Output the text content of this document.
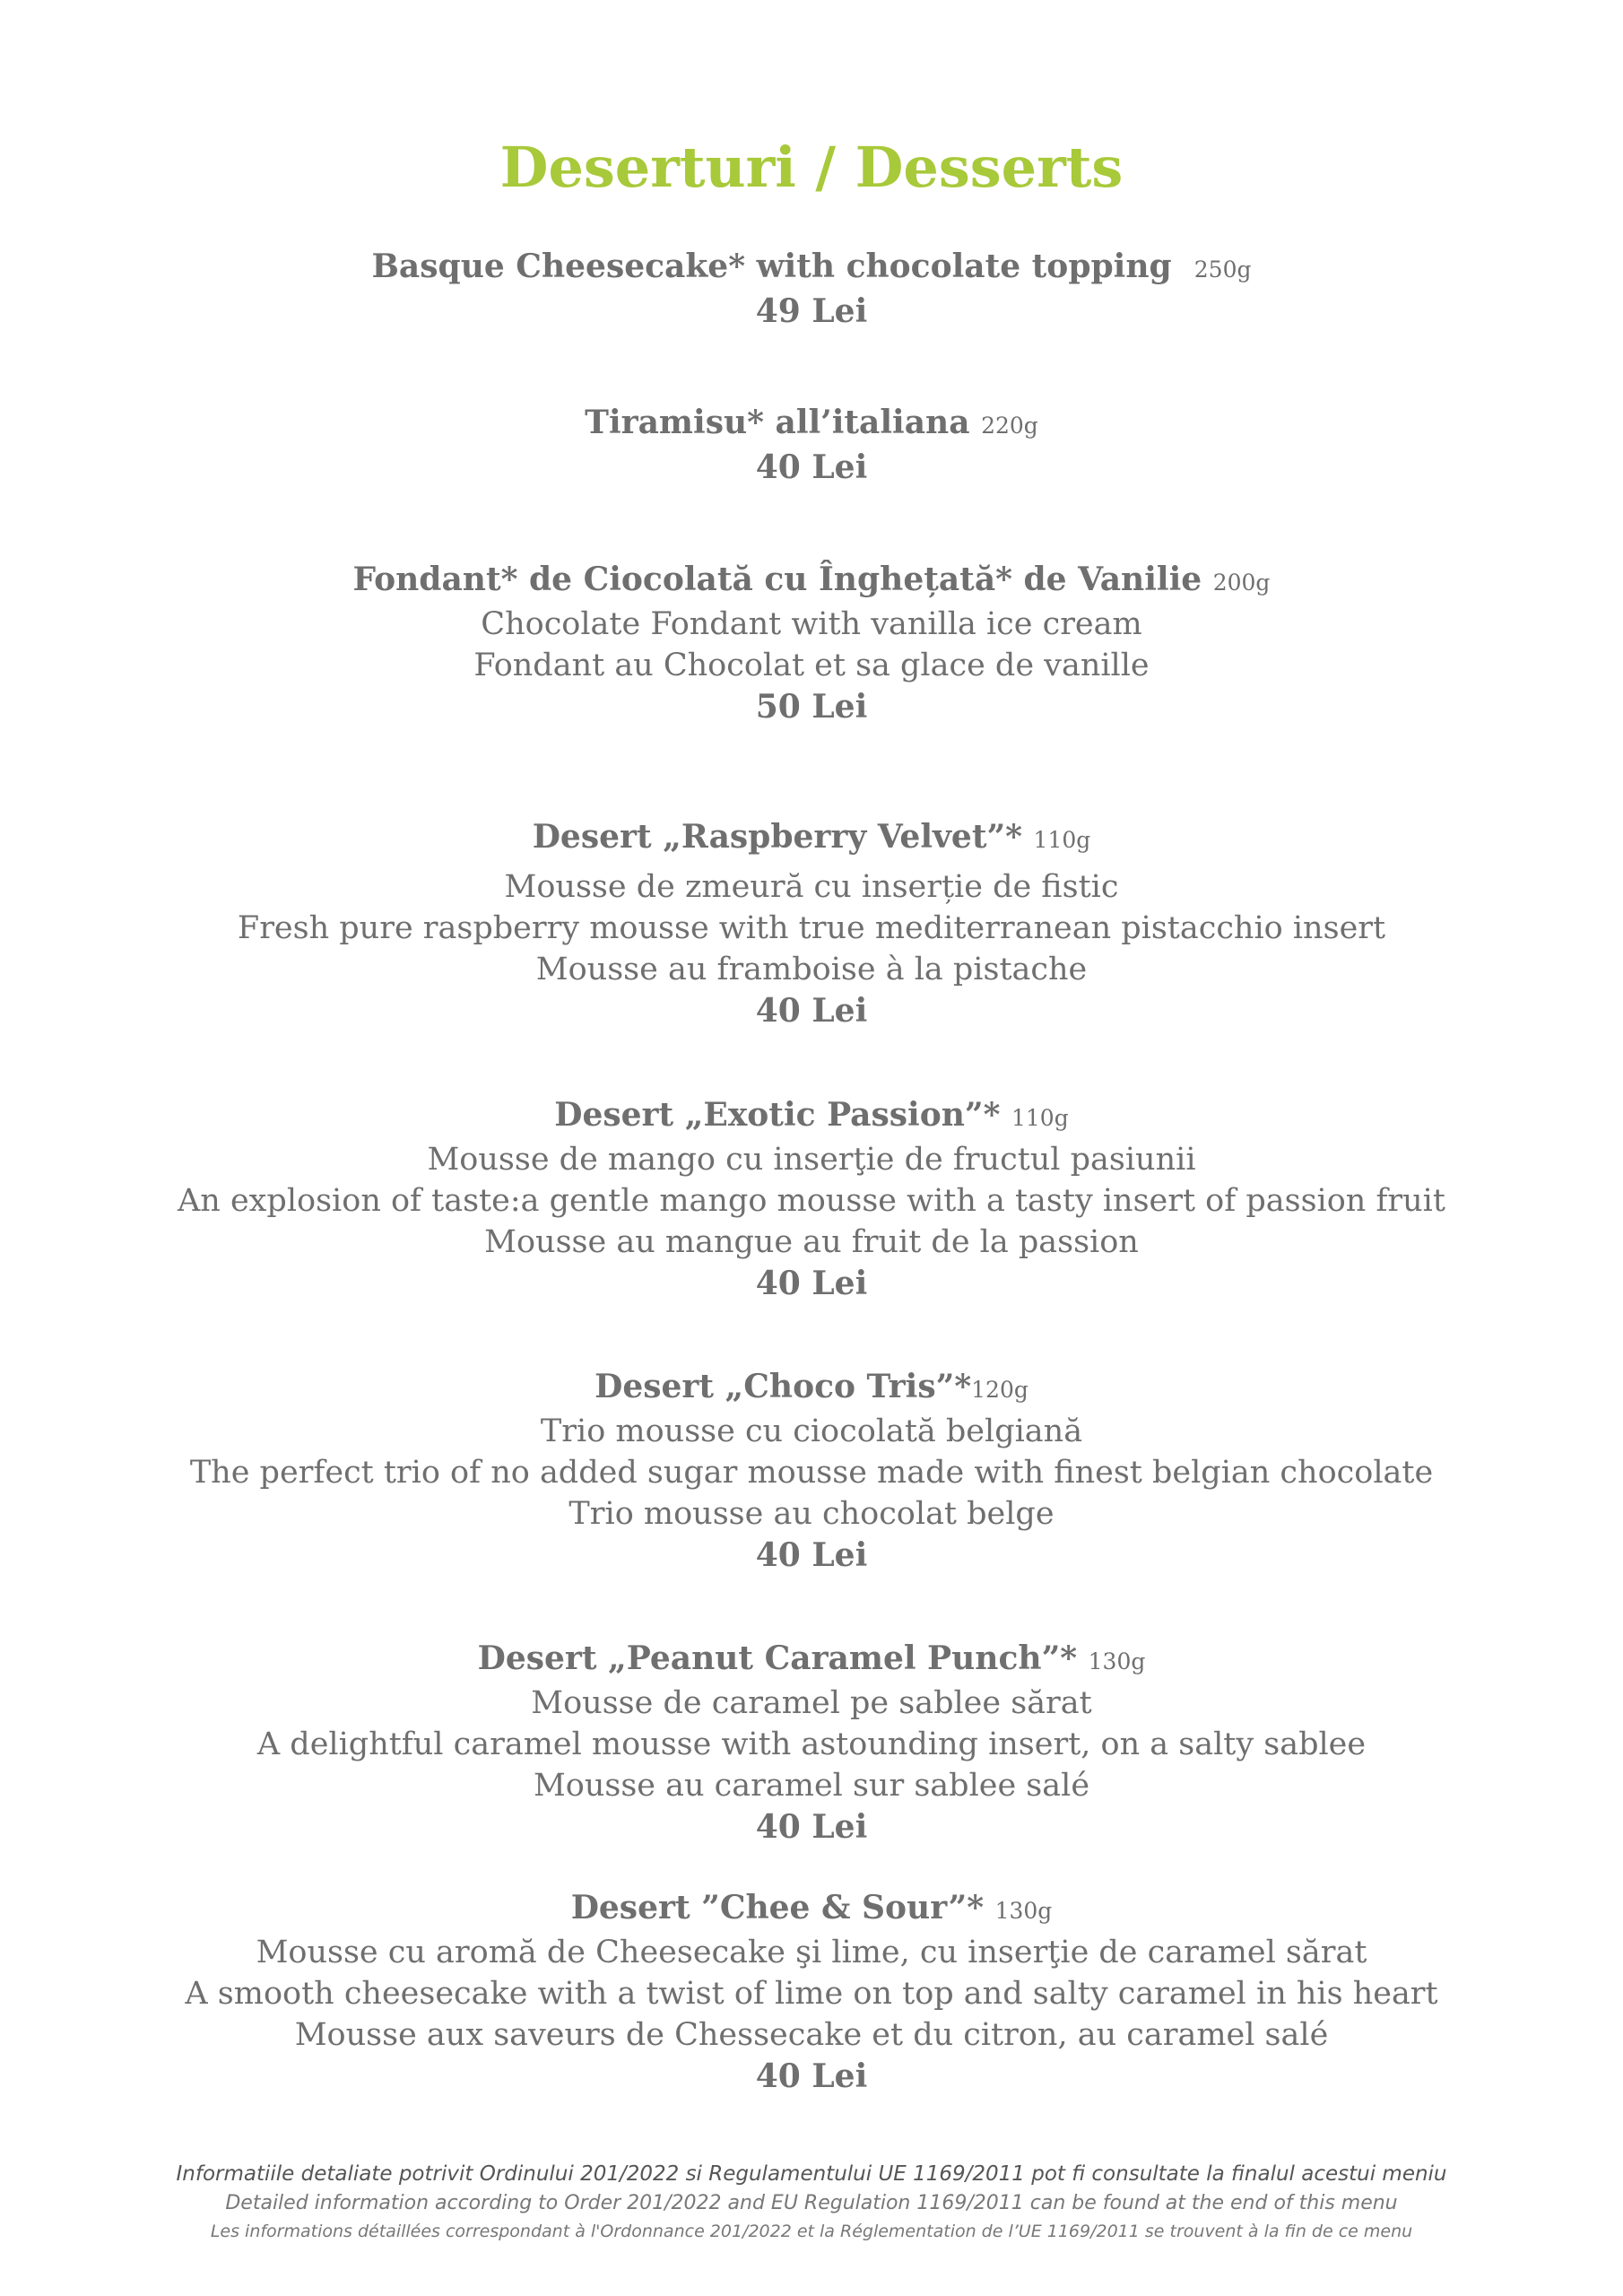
Deserturi / Desserts
Basque Cheesecake* with chocolate topping 250g
49 Lei
Tiramisu* all’italiana 220g
40 Lei
Fondant* de Ciocolată cu Înghețată* de Vanilie 200g
Chocolate Fondant with vanilla ice cream
Fondant au Chocolat et sa glace de vanille
50 Lei
Desert „Raspberry Velvet”* 110g
Mousse de zmeură cu inserție de fistic
Fresh pure raspberry mousse with true mediterranean pistacchio insert
Mousse au framboise à la pistache
40 Lei
Desert „Exotic Passion”* 110g
Mousse de mango cu inserţie de fructul pasiunii
An explosion of taste:a gentle mango mousse with a tasty insert of passion fruit
Mousse au mangue au fruit de la passion
40 Lei
Desert „Choco Tris”*120g
Trio mousse cu ciocolată belgiană
The perfect trio of no added sugar mousse made with finest belgian chocolate
Trio mousse au chocolat belge
40 Lei
Desert „Peanut Caramel Punch”* 130g
Mousse de caramel pe sablee sărat
A delightful caramel mousse with astounding insert, on a salty sablee
Mousse au caramel sur sablee salé
40 Lei
Desert ”Chee & Sour”* 130g
Mousse cu aromă de Cheesecake şi lime, cu inserţie de caramel sărat
A smooth cheesecake with a twist of lime on top and salty caramel in his heart
Mousse aux saveurs de Chessecake et du citron, au caramel salé
40 Lei
Informatiile detaliate potrivit Ordinului 201/2022 si Regulamentului UE 1169/2011 pot fi consultate la finalul acestui meniu
Detailed information according to Order 201/2022 and EU Regulation 1169/2011 can be found at the end of this menu
Les informations détaillées correspondant à l'Ordonnance 201/2022 et la Réglementation de l’UE 1169/2011 se trouvent à la fin de ce menu
